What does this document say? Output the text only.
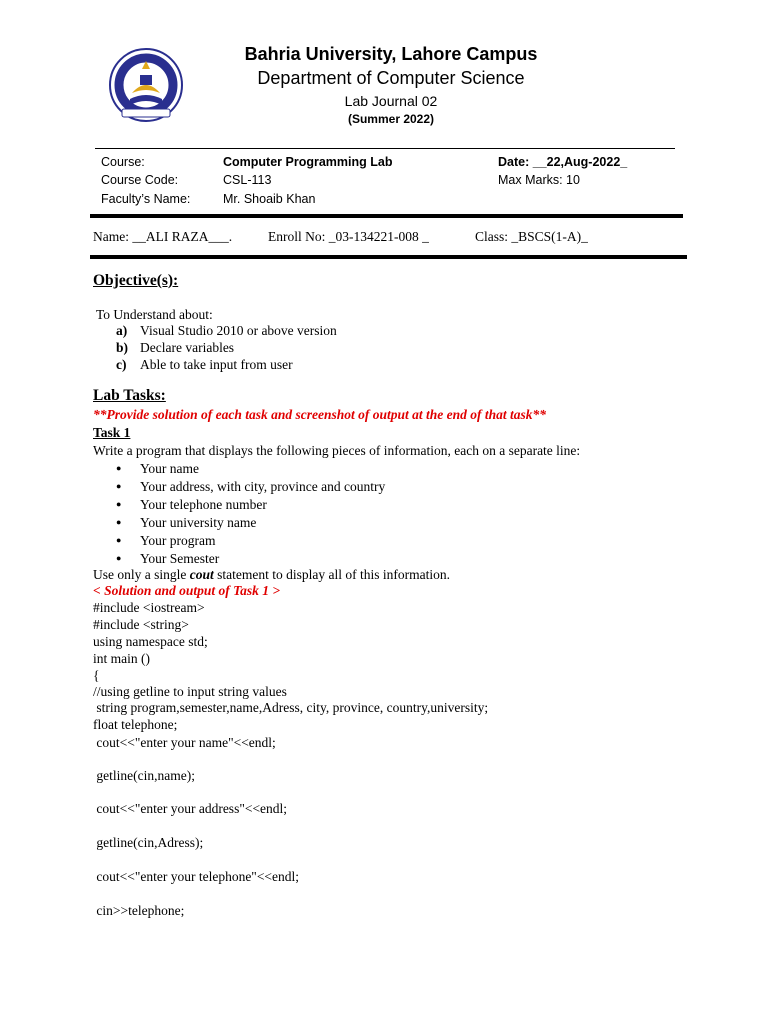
Bahria University, Lahore Campus
Department of Computer Science
Lab Journal 02
(Summer 2022)
Course:	Computer Programming Lab	Date: __22,Aug-2022_
Course Code:	CSL-113	Max Marks: 10
Faculty’s Name:	Mr. Shoaib Khan
Name: __ALI RAZA___.	Enroll No: _03-134221-008 _	Class: _BSCS(1-A)_
Objective(s):
To Understand about:
a) Visual Studio 2010 or above version
b) Declare variables
c) Able to take input from user
Lab Tasks:
**Provide solution of each task and screenshot of output at the end of that task**
Task 1
Write a program that displays the following pieces of information, each on a separate line:
● Your name
● Your address, with city, province and country
● Your telephone number
● Your university name
● Your program
● Your Semester
Use only a single cout statement to display all of this information.
< Solution and output of Task 1 >
#include <iostream>
#include <string>
using namespace std;
int main ()
{
//using getline to input string values
string program,semester,name,Adress, city, province, country,university;
float telephone;
cout<<"enter your name"<<endl;
getline(cin,name);
cout<<"enter your address"<<endl;
getline(cin,Adress);
cout<<"enter your telephone"<<endl;
cin>>telephone;
